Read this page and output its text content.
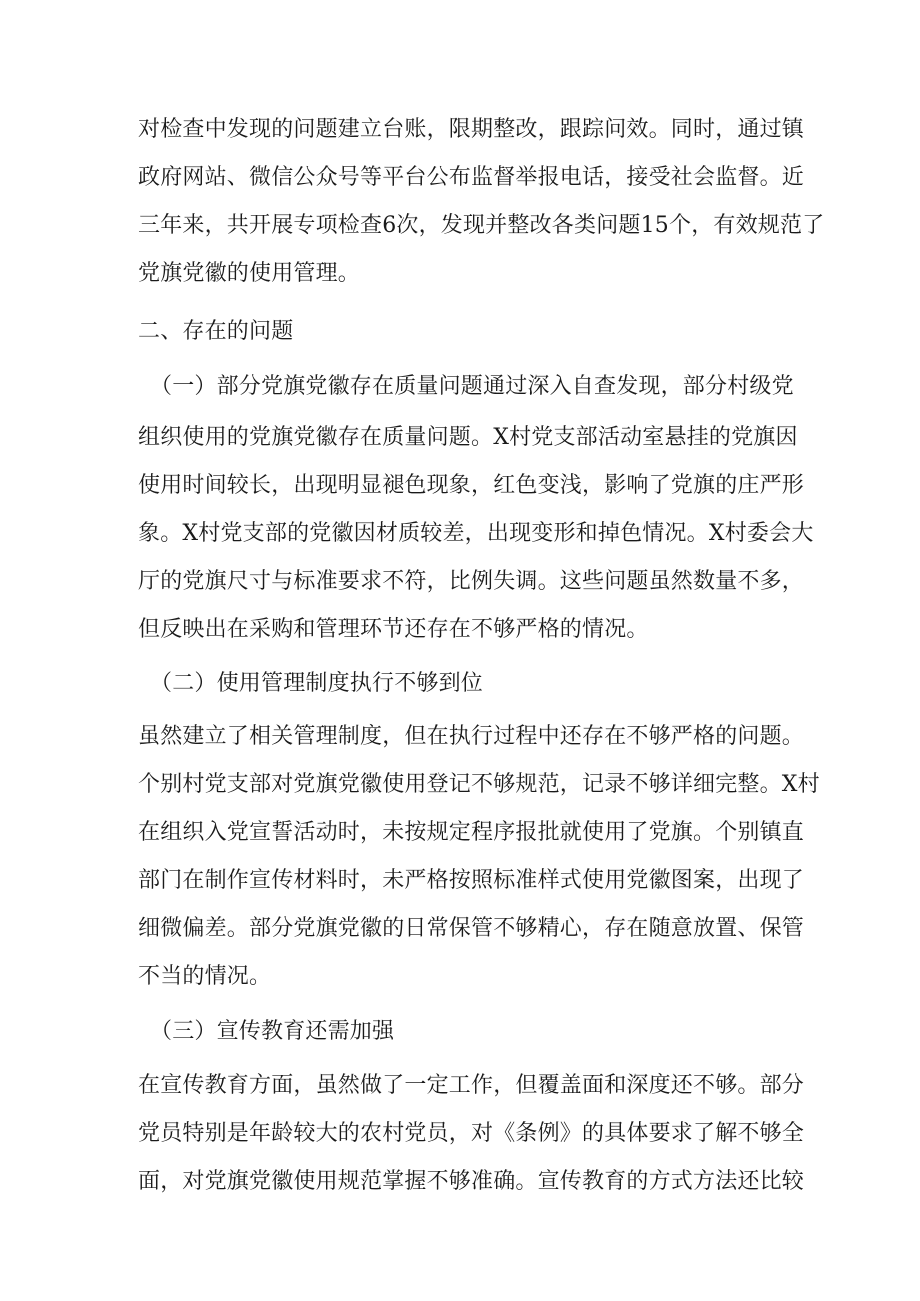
对检查中发现的问题建立台账，限期整改，跟踪问效。同时，通过镇
政府网站、微信公众号等平台公布监督举报电话，接受社会监督。近
三年来，共开展专项检查6次，发现并整改各类问题15个，有效规范了
党旗党徽的使用管理。
二、存在的问题
（一）部分党旗党徽存在质量问题通过深入自查发现，部分村级党
组织使用的党旗党徽存在质量问题。X村党支部活动室悬挂的党旗因
使用时间较长，出现明显褪色现象，红色变浅，影响了党旗的庄严形
象。X村党支部的党徽因材质较差，出现变形和掉色情况。X村委会大
厅的党旗尺寸与标准要求不符，比例失调。这些问题虽然数量不多，
但反映出在采购和管理环节还存在不够严格的情况。
（二）使用管理制度执行不够到位
虽然建立了相关管理制度，但在执行过程中还存在不够严格的问题。
个别村党支部对党旗党徽使用登记不够规范，记录不够详细完整。X村
在组织入党宣誓活动时，未按规定程序报批就使用了党旗。个别镇直
部门在制作宣传材料时，未严格按照标准样式使用党徽图案，出现了
细微偏差。部分党旗党徽的日常保管不够精心，存在随意放置、保管
不当的情况。
（三）宣传教育还需加强
在宣传教育方面，虽然做了一定工作，但覆盖面和深度还不够。部分
党员特别是年龄较大的农村党员，对《条例》的具体要求了解不够全
面，对党旗党徽使用规范掌握不够准确。宣传教育的方式方法还比较
